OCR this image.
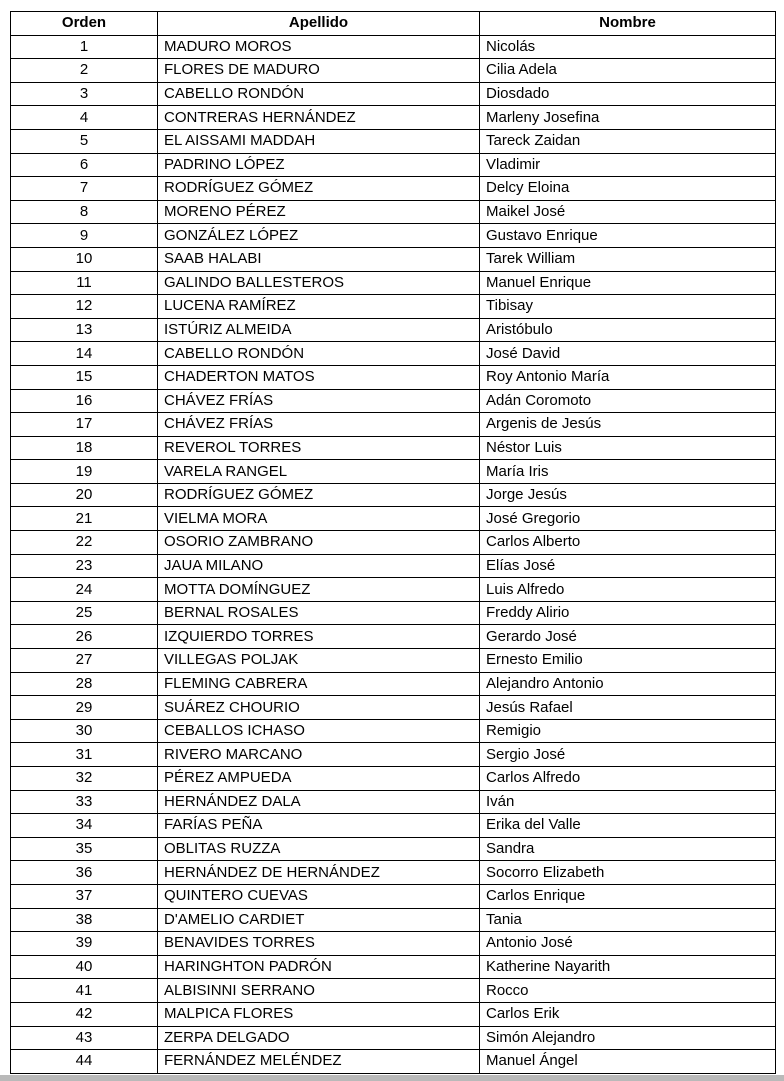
Orden	Apellido	Nombre
1	MADURO MOROS	Nicolás
2	FLORES DE MADURO	Cilia Adela
3	CABELLO RONDÓN	Diosdado
4	CONTRERAS HERNÁNDEZ	Marleny Josefina
5	EL AISSAMI MADDAH	Tareck Zaidan
6	PADRINO LÓPEZ	Vladimir
7	RODRÍGUEZ GÓMEZ	Delcy Eloina
8	MORENO PÉREZ	Maikel José
9	GONZÁLEZ LÓPEZ	Gustavo Enrique
10	SAAB HALABI	Tarek William
11	GALINDO BALLESTEROS	Manuel Enrique
12	LUCENA RAMÍREZ	Tibisay
13	ISTÚRIZ ALMEIDA	Aristóbulo
14	CABELLO RONDÓN	José David
15	CHADERTON MATOS	Roy Antonio María
16	CHÁVEZ FRÍAS	Adán Coromoto
17	CHÁVEZ FRÍAS	Argenis de Jesús
18	REVEROL TORRES	Néstor Luis
19	VARELA RANGEL	María Iris
20	RODRÍGUEZ GÓMEZ	Jorge Jesús
21	VIELMA MORA	José Gregorio
22	OSORIO ZAMBRANO	Carlos Alberto
23	JAUA MILANO	Elías José
24	MOTTA DOMÍNGUEZ	Luis Alfredo
25	BERNAL ROSALES	Freddy Alirio
26	IZQUIERDO TORRES	Gerardo José
27	VILLEGAS POLJAK	Ernesto Emilio
28	FLEMING CABRERA	Alejandro Antonio
29	SUÁREZ CHOURIO	Jesús Rafael
30	CEBALLOS ICHASO	Remigio
31	RIVERO MARCANO	Sergio José
32	PÉREZ AMPUEDA	Carlos Alfredo
33	HERNÁNDEZ DALA	Iván
34	FARÍAS PEÑA	Erika del Valle
35	OBLITAS RUZZA	Sandra
36	HERNÁNDEZ DE HERNÁNDEZ	Socorro Elizabeth
37	QUINTERO CUEVAS	Carlos Enrique
38	D'AMELIO CARDIET	Tania
39	BENAVIDES TORRES	Antonio José
40	HARINGHTON PADRÓN	Katherine Nayarith
41	ALBISINNI SERRANO	Rocco
42	MALPICA FLORES	Carlos Erik
43	ZERPA DELGADO	Simón Alejandro
44	FERNÁNDEZ MELÉNDEZ	Manuel Ángel
